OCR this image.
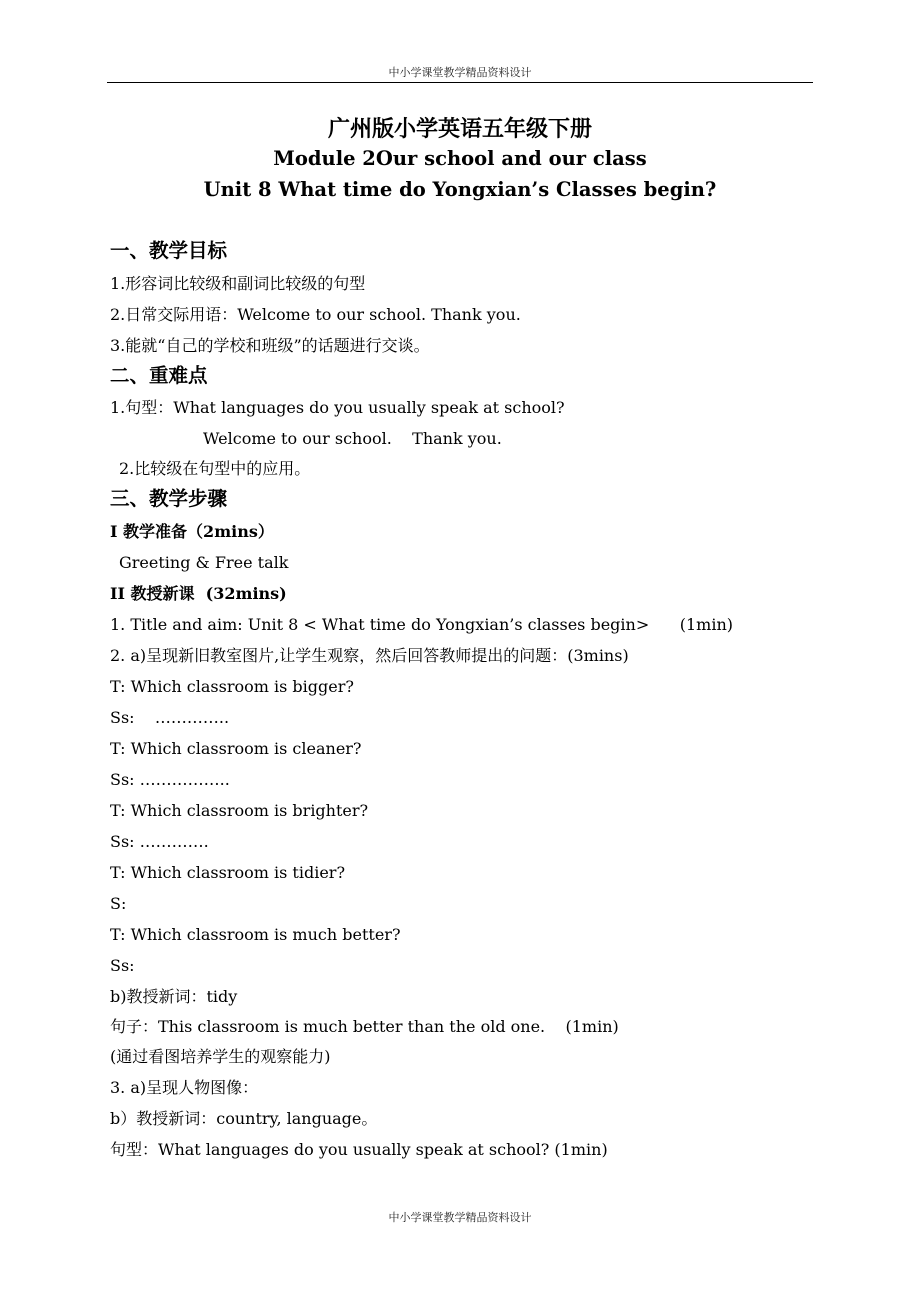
中小学课堂教学精品资料设计
广州版小学英语五年级下册
Module 2Our school and our class
Unit 8 What time do Yongxian’s Classes begin?
一、教学目标
1.形容词比较级和副词比较级的句型
2.日常交际用语：Welcome to our school. Thank you.
3.能就“自己的学校和班级”的话题进行交谈。
二、重难点
1.句型：What languages do you usually speak at school?
Welcome to our school.    Thank you.
2.比较级在句型中的应用。
三、教学步骤
I 教学准备（2mins）
Greeting & Free talk
II 教授新课  (32mins)
1. Title and aim: Unit 8 < What time do Yongxian’s classes begin>      (1min)
2. a)呈现新旧教室图片,让学生观察，然后回答教师提出的问题：(3mins)
T: Which classroom is bigger?
Ss:    …………..
T: Which classroom is cleaner?
Ss: ……………..
T: Which classroom is brighter?
Ss: ………….
T: Which classroom is tidier?
S:
T: Which classroom is much better?
Ss:
b)教授新词：tidy
句子：This classroom is much better than the old one.    (1min)
(通过看图培养学生的观察能力)
3. a)呈现人物图像：
b）教授新词：country, language。
句型：What languages do you usually speak at school? (1min)
中小学课堂教学精品资料设计
